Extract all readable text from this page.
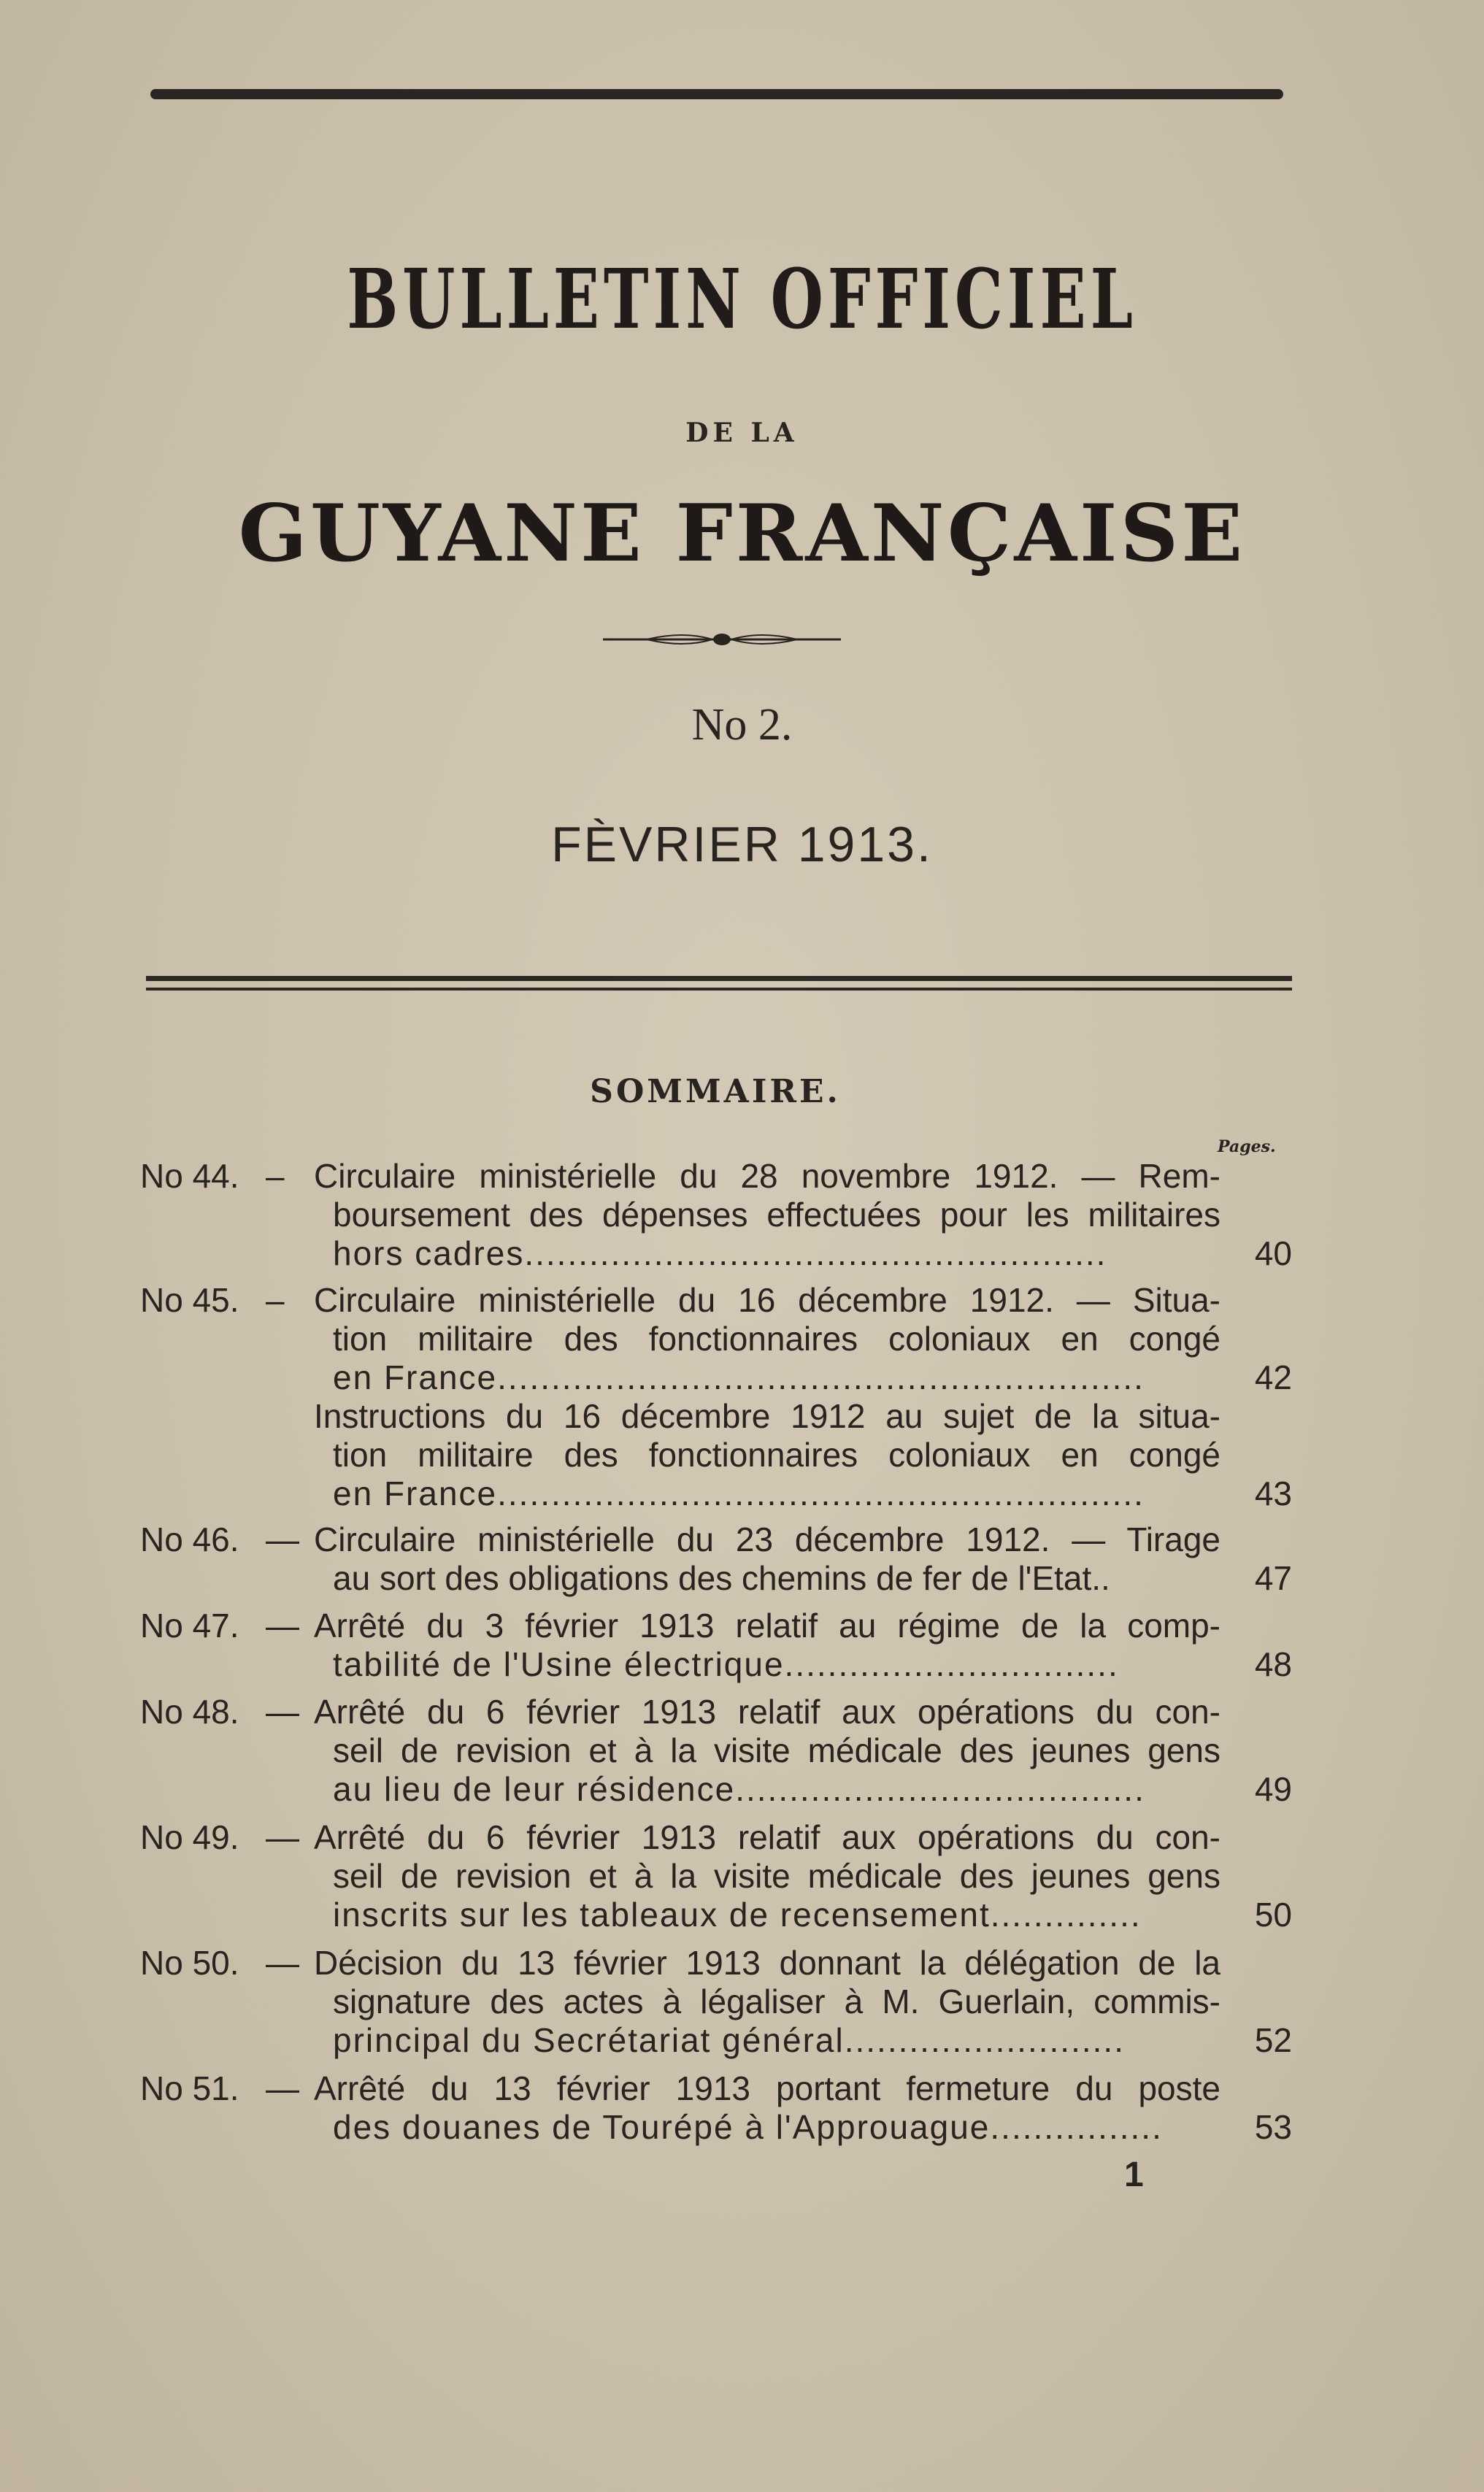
BULLETIN OFFICIEL
DE LA
GUYANE FRANÇAISE
No 2.
FÈVRIER 1913.
SOMMAIRE.
Pages.
No 44. – Circulaire ministérielle du 28 novembre 1912. — Rem-
boursement des dépenses effectuées pour les militaires
hors cadres......................................................	40
No 45. – Circulaire ministérielle du 16 décembre 1912. — Situa-
tion militaire des fonctionnaires coloniaux en congé
en France............................................................	42
Instructions du 16 décembre 1912 au sujet de la situa-
tion militaire des fonctionnaires coloniaux en congé
en France............................................................	43
No 46. — Circulaire ministérielle du 23 décembre 1912. — Tirage
au sort des obligations des chemins de fer de l'Etat..	47
No 47. — Arrêté du 3 février 1913 relatif au régime de la comp-
tabilité de l'Usine électrique...............................	48
No 48. — Arrêté du 6 février 1913 relatif aux opérations du con-
seil de revision et à la visite médicale des jeunes gens
au lieu de leur résidence......................................	49
No 49. — Arrêté du 6 février 1913 relatif aux opérations du con-
seil de revision et à la visite médicale des jeunes gens
inscrits sur les tableaux de recensement..............	50
No 50. — Décision du 13 février 1913 donnant la délégation de la
signature des actes à légaliser à M. Guerlain, commis-
principal du Secrétariat général..........................	52
No 51. — Arrêté du 13 février 1913 portant fermeture du poste
des douanes de Tourépé à l'Approuague................	53
1
